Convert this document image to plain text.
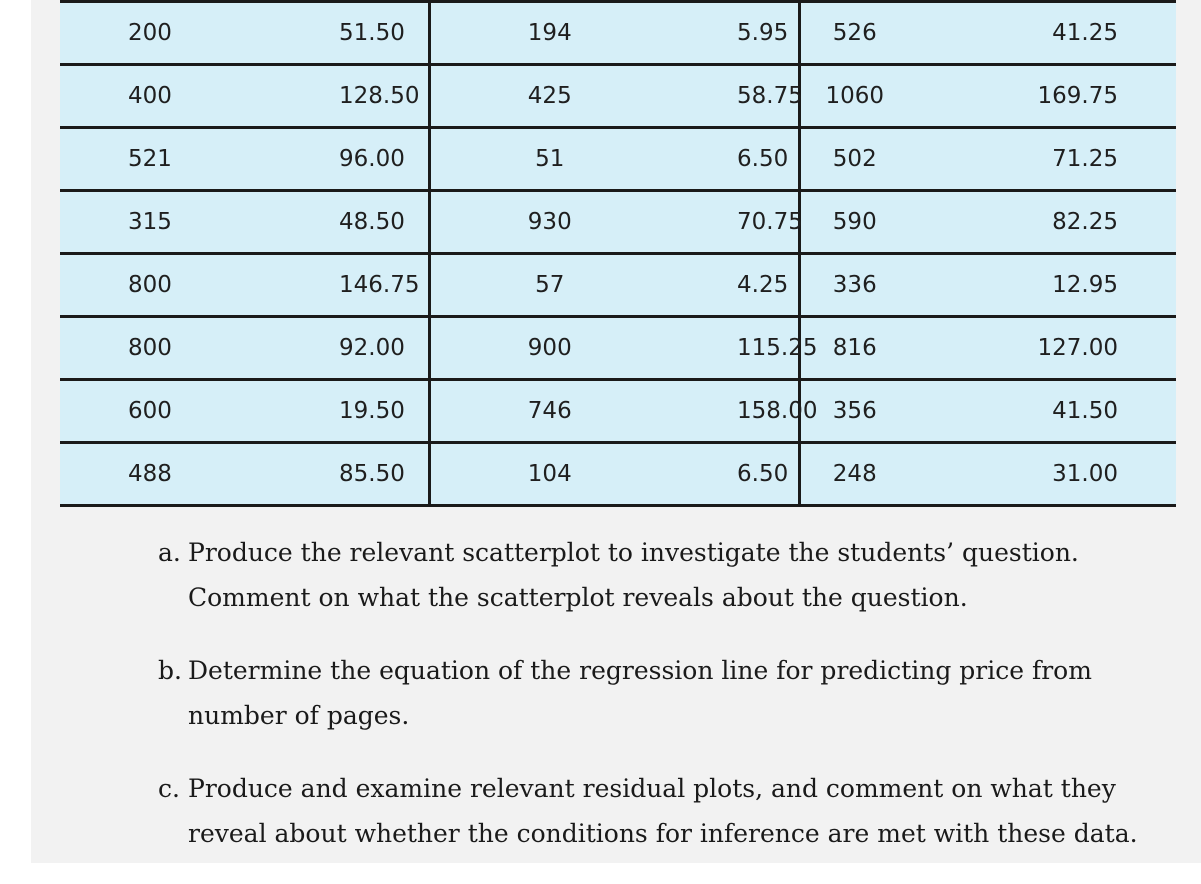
200	51.50	194	5.95	526	41.25
400	128.50	425	58.75	1060	169.75
521	96.00	51	6.50	502	71.25
315	48.50	930	70.75	590	82.25
800	146.75	57	4.25	336	12.95
800	92.00	900	115.25	816	127.00
600	19.50	746	158.00	356	41.50
488	85.50	104	6.50	248	31.00
a. Produce the relevant scatterplot to investigate the students’ question. Comment on what the scatterplot reveals about the question.
b. Determine the equation of the regression line for predicting price from number of pages.
c. Produce and examine relevant residual plots, and comment on what they reveal about whether the conditions for inference are met with these data.
